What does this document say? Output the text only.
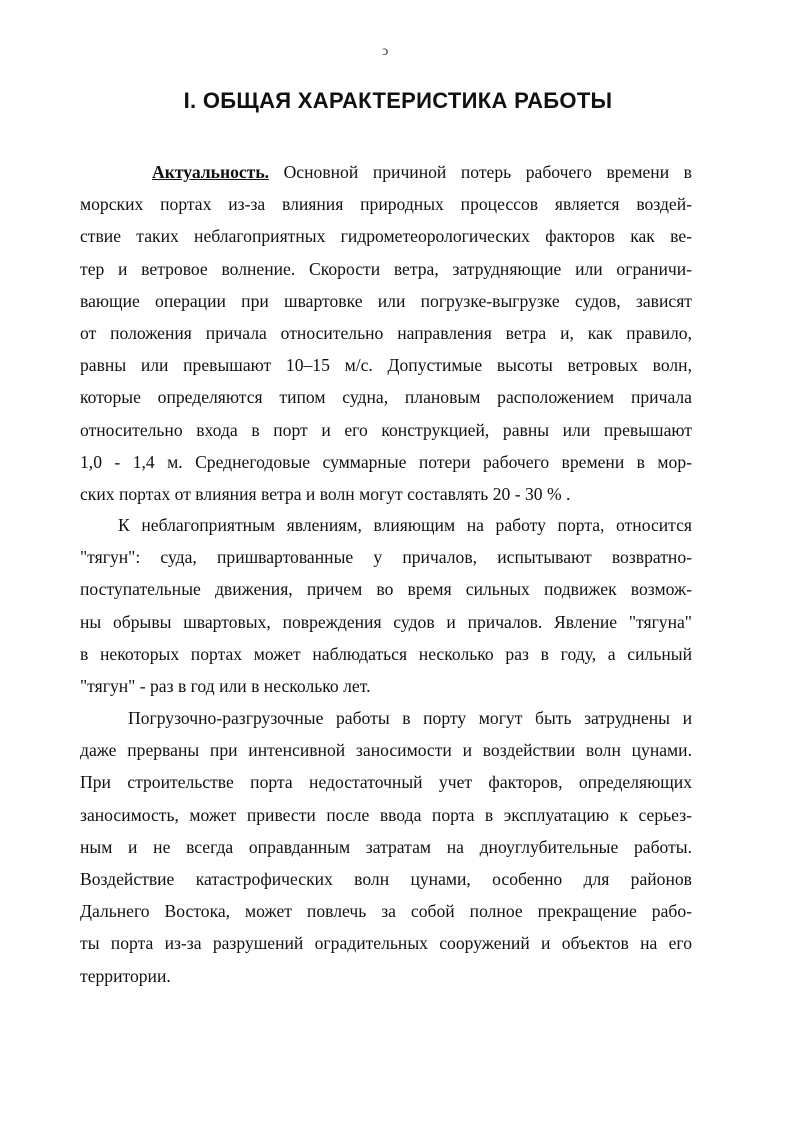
ͻ
I. ОБЩАЯ ХАРАКТЕРИСТИКА РАБОТЫ
Актуальность. Основной причиной потерь рабочего времени в
морских портах из-за влияния природных процессов является воздей-
ствие таких неблагоприятных гидрометеорологических факторов как ве-
тер и ветровое волнение. Скорости ветра, затрудняющие или ограничи-
вающие операции при швартовке или погрузке-выгрузке судов, зависят
от положения причала относительно направления ветра и, как правило,
равны или превышают 10–15 м/с. Допустимые высоты ветровых волн,
которые определяются типом судна, плановым расположением причала
относительно входа в порт и его конструкцией, равны или превышают
1,0 - 1,4 м. Среднегодовые суммарные потери рабочего времени в мор-
ских портах от влияния ветра и волн могут составлять 20 - 30 % .
К неблагоприятным явлениям, влияющим на работу порта, относится
"тягун": суда, пришвартованные у причалов, испытывают возвратно-
поступательные движения, причем во время сильных подвижек возмож-
ны обрывы швартовых, повреждения судов и причалов. Явление "тягуна"
в некоторых портах может наблюдаться несколько раз в году, а сильный
"тягун" - раз в год или в несколько лет.
Погрузочно-разгрузочные работы в порту могут быть затруднены и
даже прерваны при интенсивной заносимости и воздействии волн цунами.
При строительстве порта недостаточный учет факторов, определяющих
заносимость, может привести после ввода порта в эксплуатацию к серьез-
ным и не всегда оправданным затратам на дноуглубительные работы.
Воздействие катастрофических волн цунами, особенно для районов
Дальнего Востока, может повлечь за собой полное прекращение рабо-
ты порта из-за разрушений оградительных сооружений и объектов на его
территории.
